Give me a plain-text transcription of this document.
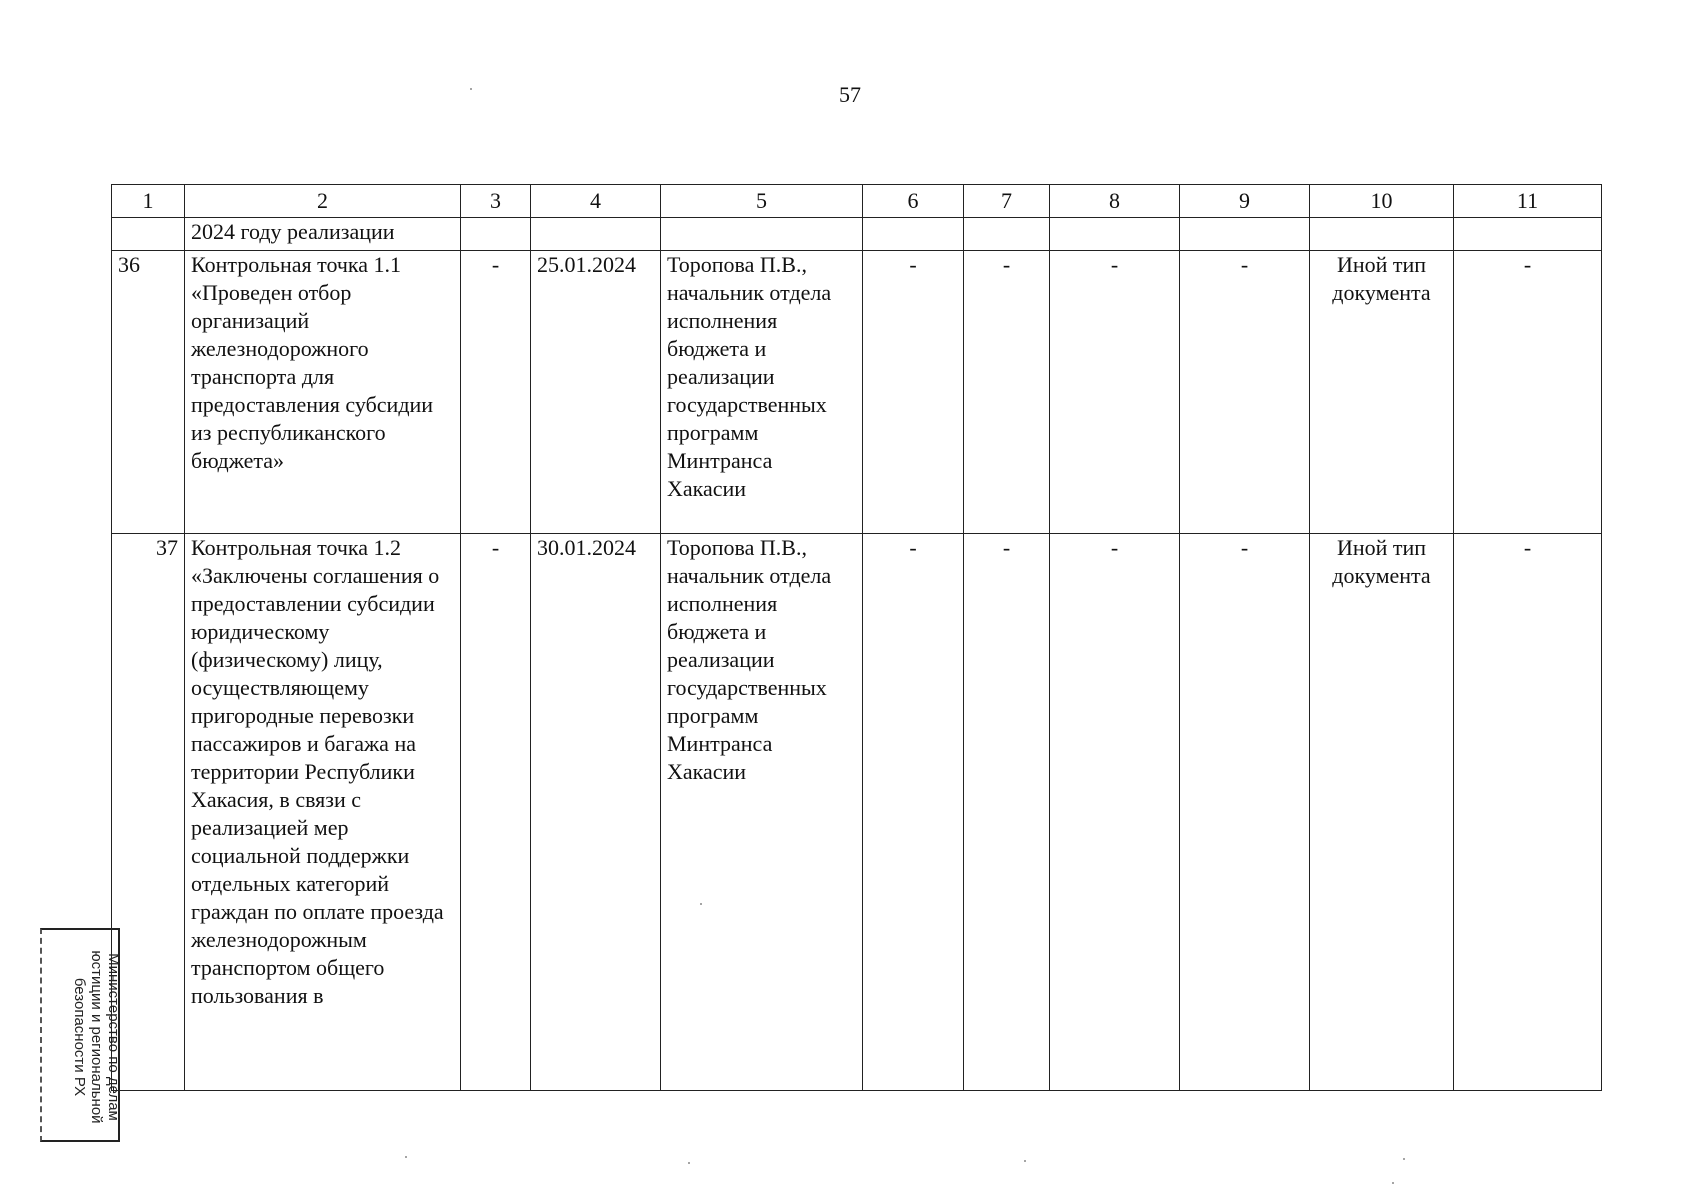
57
1	2	3	4	5	6	7	8	9	10	11
	2024 году реализации									
36	Контрольная точка 1.1 «Проведен отбор организаций железнодорожного транспорта для предоставления субсидии из республиканского бюджета»	-	25.01.2024	Торопова П.В., начальник отдела исполнения бюджета и реализации государственных программ Минтранса Хакасии	-	-	-	-	Иной тип документа	-
37	Контрольная точка 1.2 «Заключены соглашения о предоставлении субсидии юридическому (физическому) лицу, осуществляющему пригородные перевозки пассажиров и багажа на территории Республики Хакасия, в связи с реализацией мер социальной поддержки отдельных категорий граждан по оплате проезда железнодорожным транспортом общего пользования в	-	30.01.2024	Торопова П.В., начальник отдела исполнения бюджета и реализации государственных программ Минтранса Хакасии	-	-	-	-	Иной тип документа	-
Министерство по делам юстиции и региональной безопасности РХ
